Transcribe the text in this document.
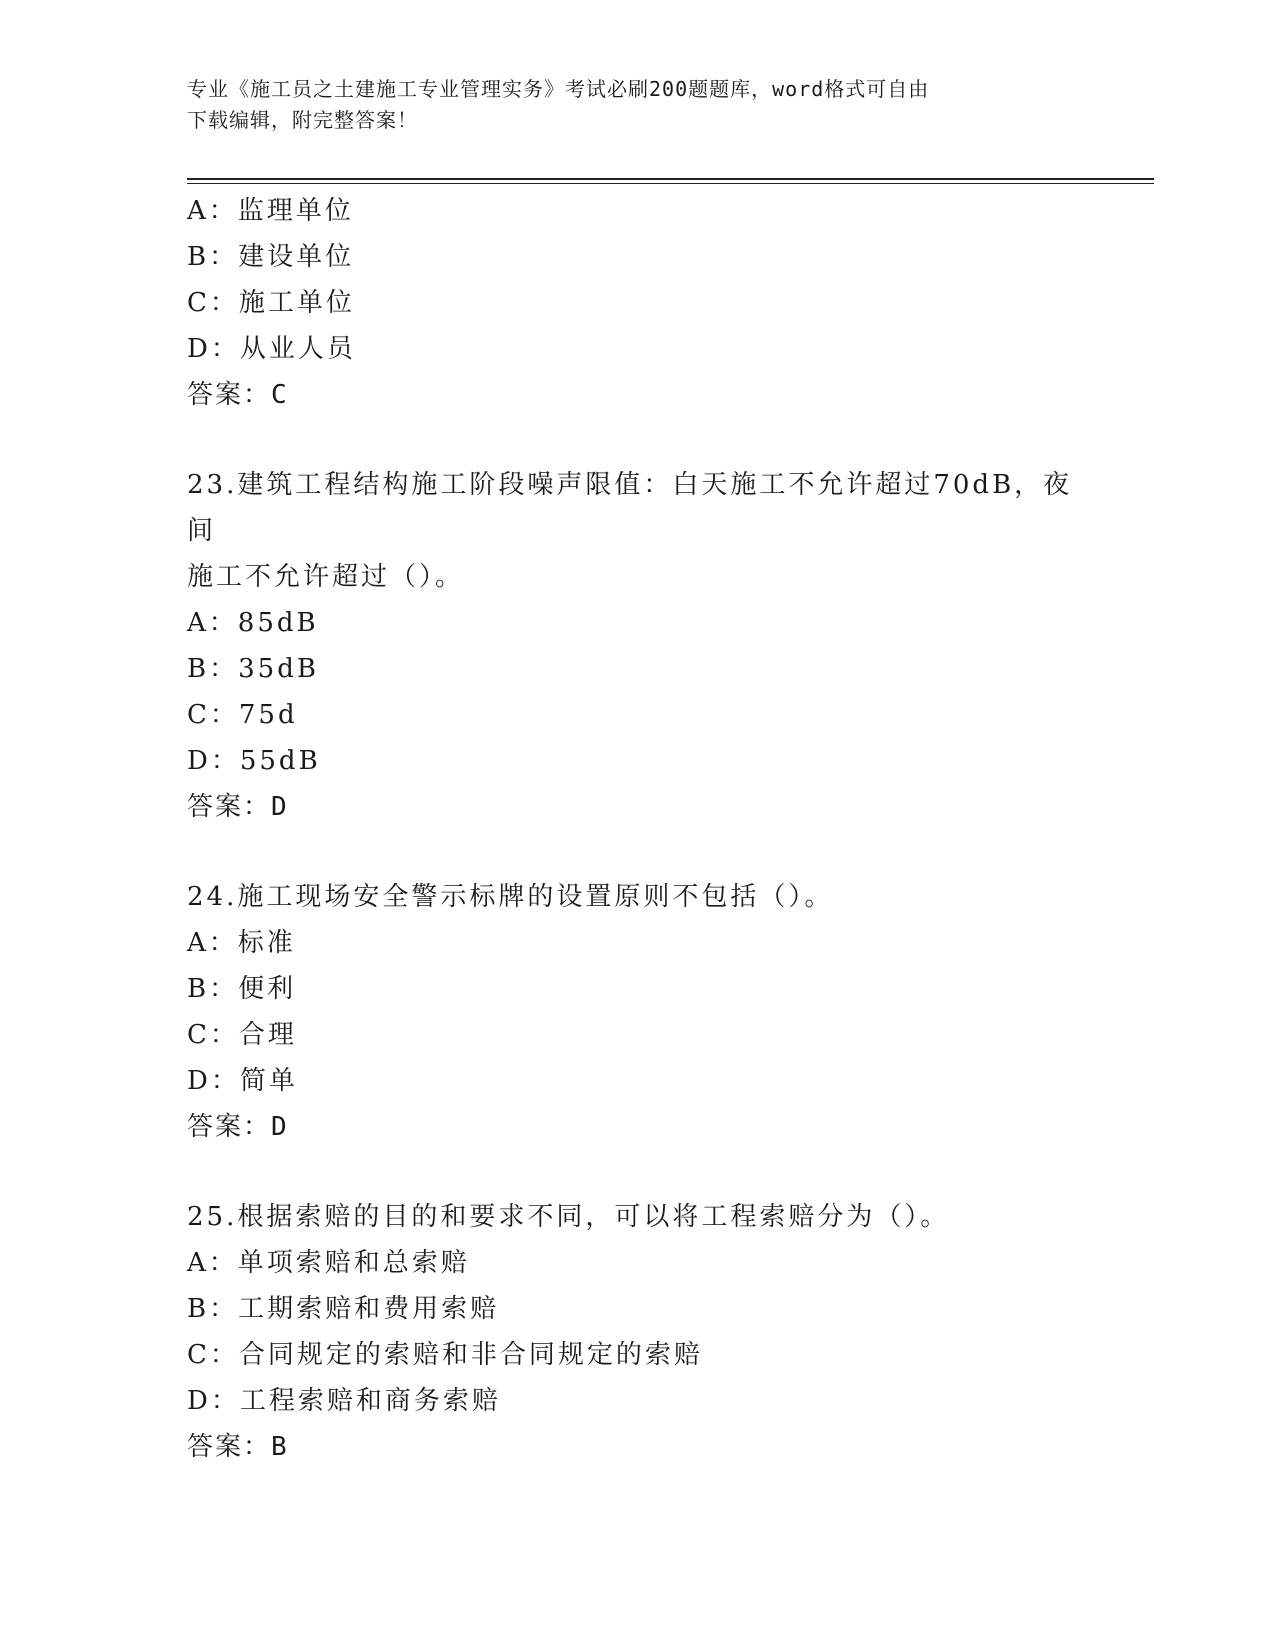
专业《施工员之土建施工专业管理实务》考试必刷200题题库，word格式可自由
下载编辑，附完整答案！
A：监理单位
B：建设单位
C：施工单位
D：从业人员
答案：C
23.建筑工程结构施工阶段噪声限值：白天施工不允许超过70dB，夜间
施工不允许超过（）。
A：85dB
B：35dB
C：75d
D：55dB
答案：D
24.施工现场安全警示标牌的设置原则不包括（）。
A：标准
B：便利
C：合理
D：简单
答案：D
25.根据索赔的目的和要求不同，可以将工程索赔分为（）。
A：单项索赔和总索赔
B：工期索赔和费用索赔
C：合同规定的索赔和非合同规定的索赔
D：工程索赔和商务索赔
答案：B
